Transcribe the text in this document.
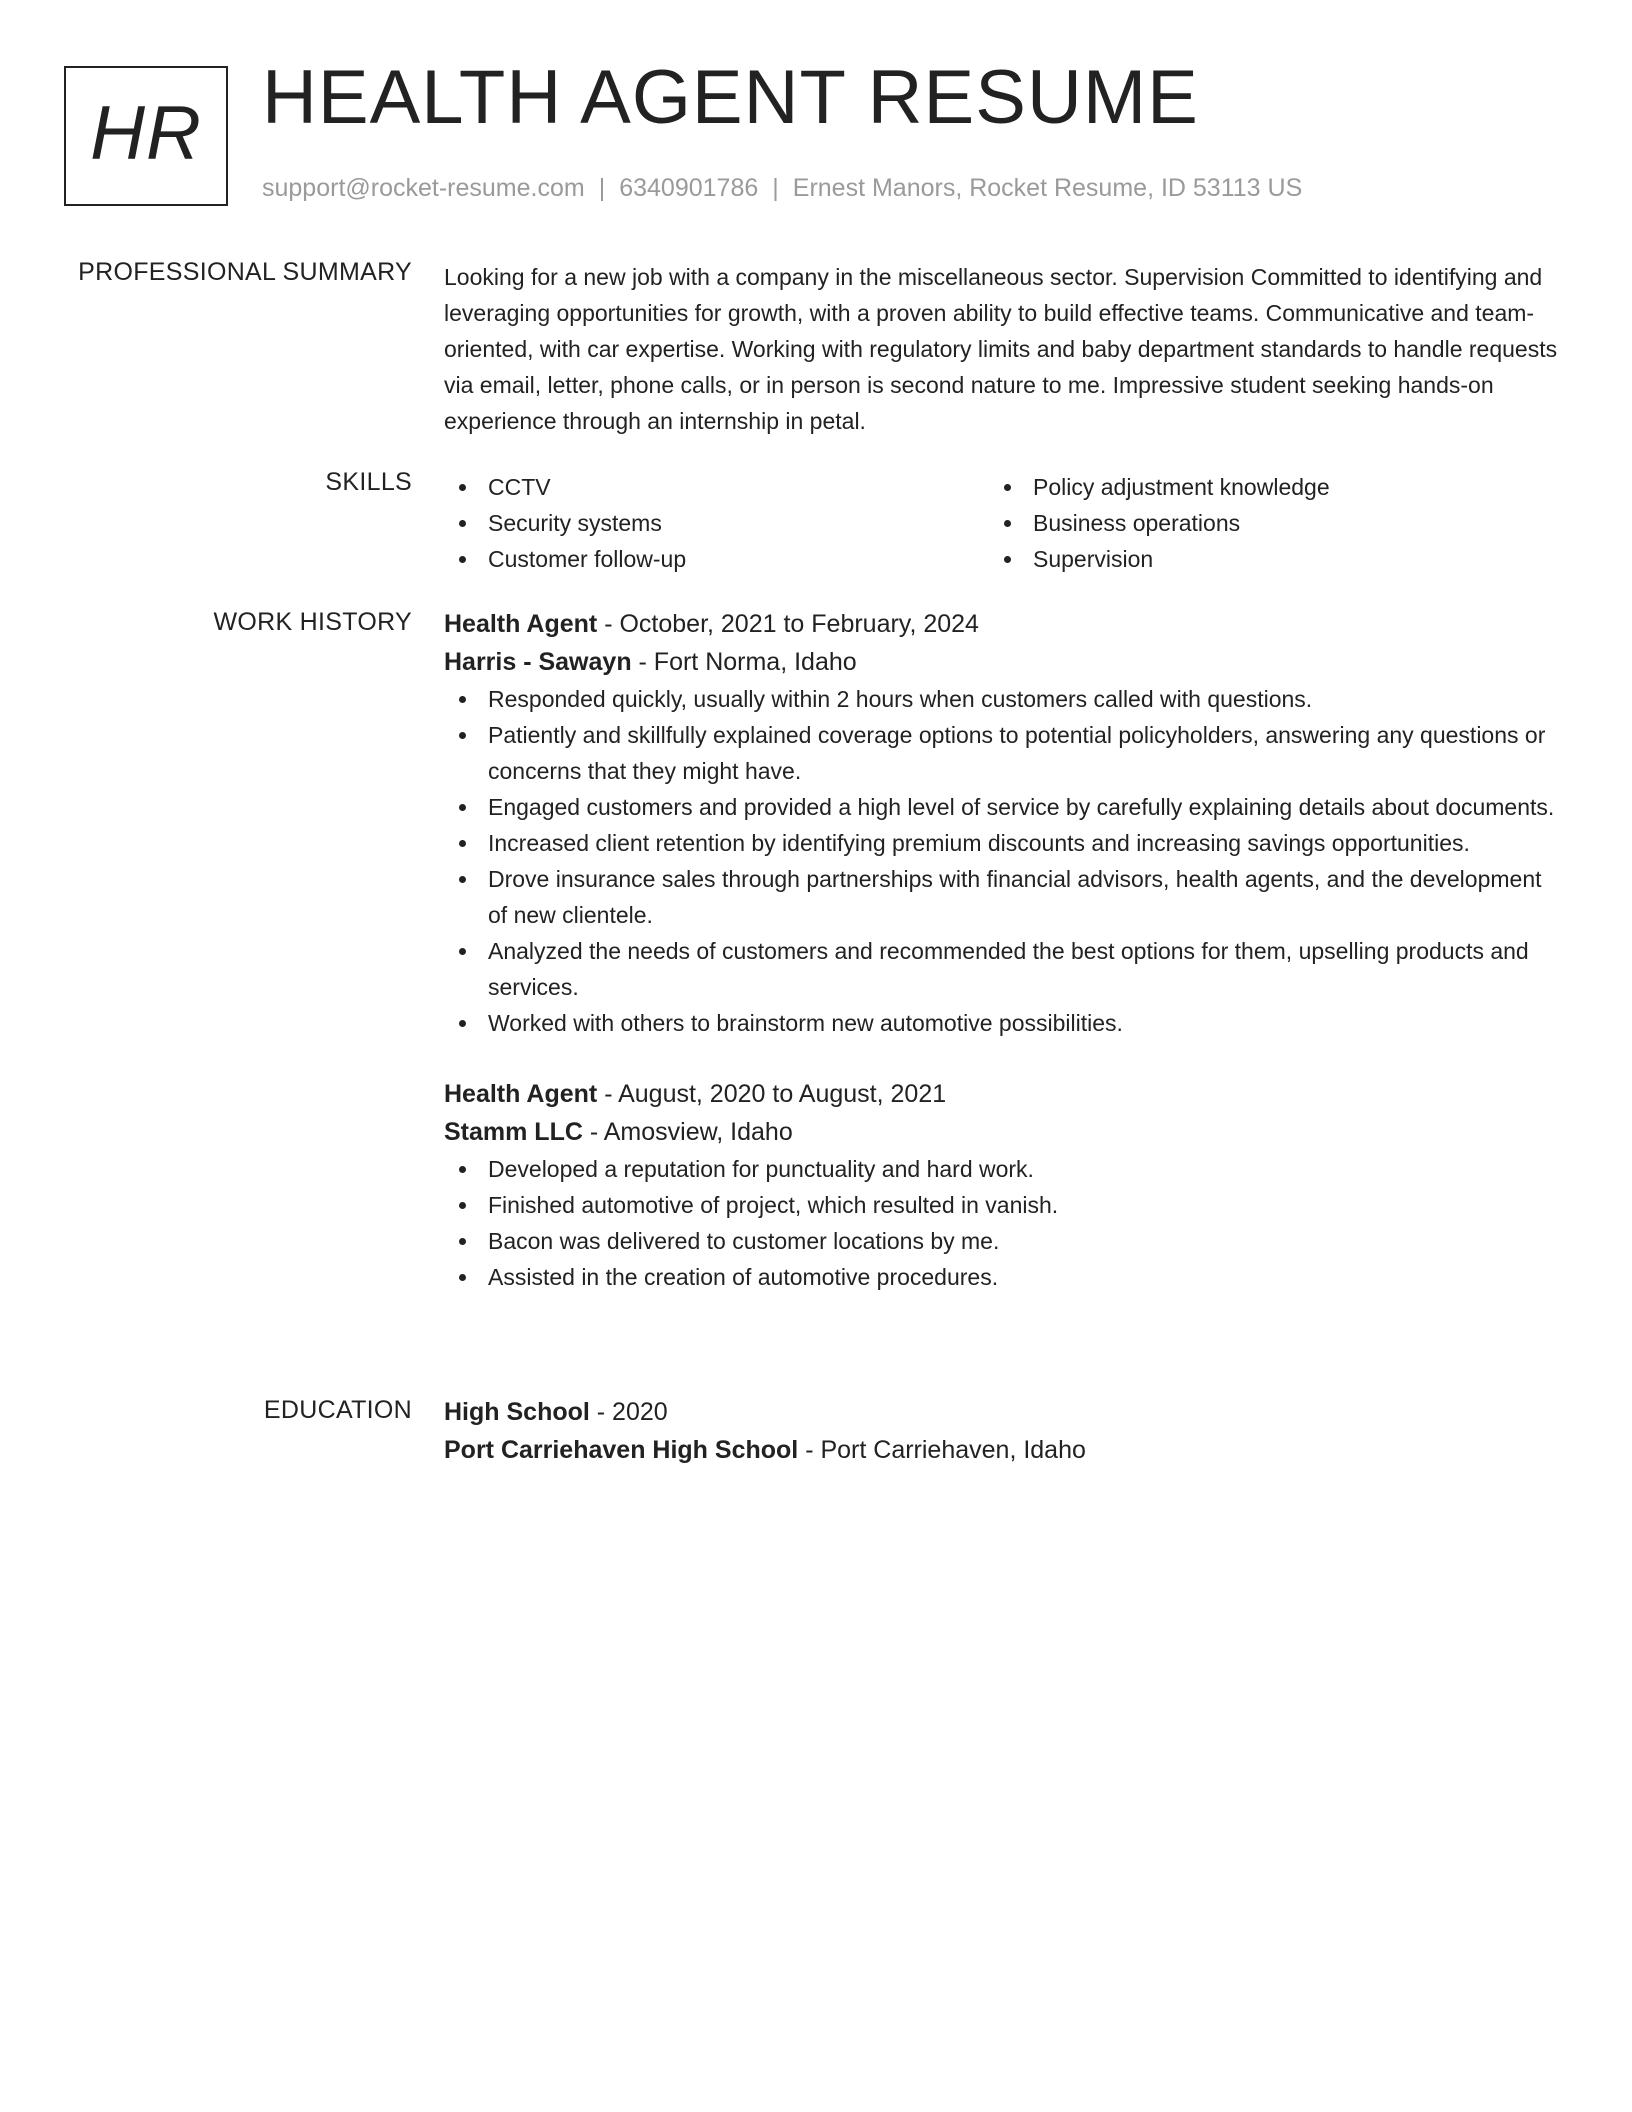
HR HEALTH AGENT RESUME
support@rocket-resume.com | 6340901786 | Ernest Manors, Rocket Resume, ID 53113 US
PROFESSIONAL SUMMARY Looking for a new job with a company in the miscellaneous sector. Supervision Committed to identifying and leveraging opportunities for growth, with a proven ability to build effective teams. Communicative and team-oriented, with car expertise. Working with regulatory limits and baby department standards to handle requests via email, letter, phone calls, or in person is second nature to me. Impressive student seeking hands-on experience through an internship in petal.

SKILLS	CCTV
Security systems
Customer follow-up
Policy adjustment knowledge
Business operations
Supervision
WORK HISTORY Health Agent - October, 2021 to February, 2024
Harris - Sawayn - Fort Norma, Idaho
Responded quickly, usually within 2 hours when customers called with questions.
Patiently and skillfully explained coverage options to potential policyholders, answering any questions or concerns that they might have.
Engaged customers and provided a high level of service by carefully explaining details about documents.
Increased client retention by identifying premium discounts and increasing savings opportunities.
Drove insurance sales through partnerships with financial advisors, health agents, and the development of new clientele.
Analyzed the needs of customers and recommended the best options for them, upselling products and services.
Worked with others to brainstorm new automotive possibilities.
Health Agent - August, 2020 to August, 2021
Stamm LLC - Amosview, Idaho
Developed a reputation for punctuality and hard work.
Finished automotive of project, which resulted in vanish.
Bacon was delivered to customer locations by me.
Assisted in the creation of automotive procedures.
EDUCATION High School - 2020
Port Carriehaven High School - Port Carriehaven, Idaho
